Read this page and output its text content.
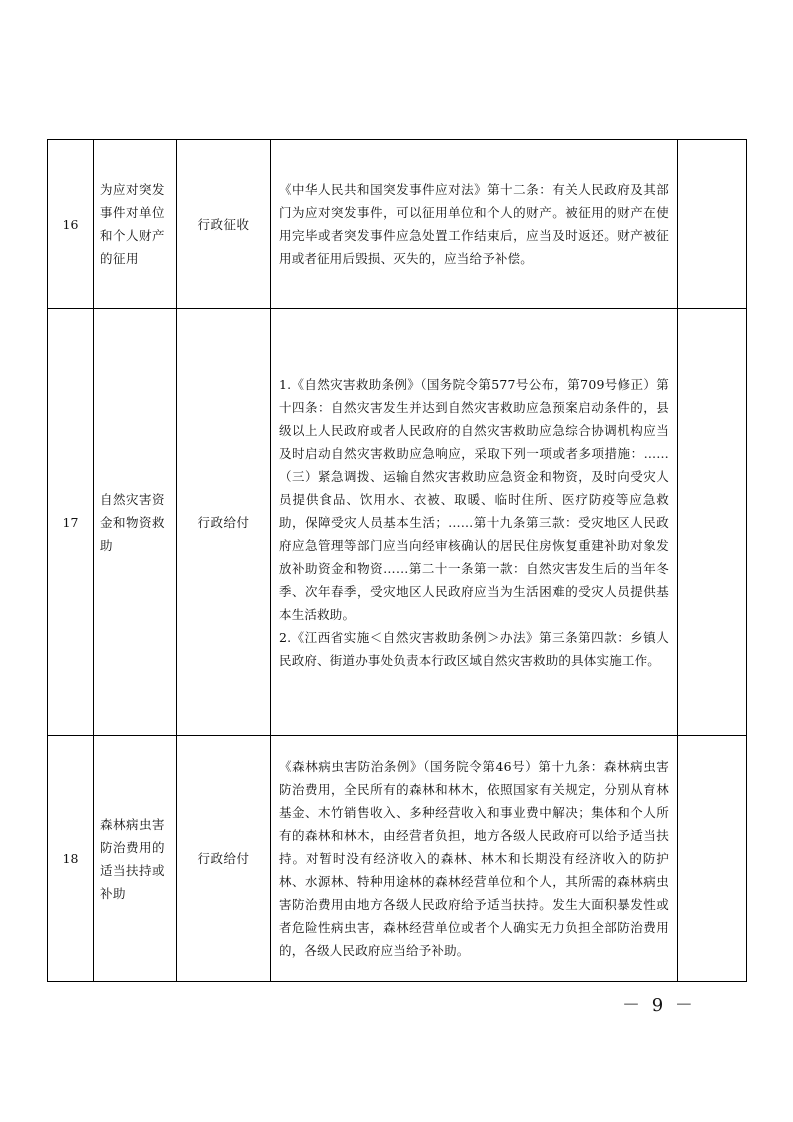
16	为应对突发事件对单位和个人财产的征用	行政征收	《中华人民共和国突发事件应对法》第十二条：有关人民政府及其部门为应对突发事件，可以征用单位和个人的财产。被征用的财产在使用完毕或者突发事件应急处置工作结束后，应当及时返还。财产被征用或者征用后毁损、灭失的，应当给予补偿。	

17	自然灾害资金和物资救助	行政给付	1.《自然灾害救助条例》（国务院令第577号公布，第709号修正）第十四条：自然灾害发生并达到自然灾害救助应急预案启动条件的，县级以上人民政府或者人民政府的自然灾害救助应急综合协调机构应当及时启动自然灾害救助应急响应，采取下列一项或者多项措施：……（三）紧急调拨、运输自然灾害救助应急资金和物资，及时向受灾人员提供食品、饮用水、衣被、取暖、临时住所、医疗防疫等应急救助，保障受灾人员基本生活；……第十九条第三款：受灾地区人民政府应急管理等部门应当向经审核确认的居民住房恢复重建补助对象发放补助资金和物资……第二十一条第一款：自然灾害发生后的当年冬季、次年春季，受灾地区人民政府应当为生活困难的受灾人员提供基本生活救助。

2.《江西省实施＜自然灾害救助条例＞办法》第三条第四款：乡镇人民政府、街道办事处负责本行政区域自然灾害救助的具体实施工作。	

18	森林病虫害防治费用的适当扶持或补助	行政给付	《森林病虫害防治条例》（国务院令第46号）第十九条：森林病虫害防治费用，全民所有的森林和林木，依照国家有关规定，分别从育林基金、木竹销售收入、多种经营收入和事业费中解决；集体和个人所有的森林和林木，由经营者负担，地方各级人民政府可以给予适当扶持。对暂时没有经济收入的森林、林木和长期没有经济收入的防护林、水源林、特种用途林的森林经营单位和个人，其所需的森林病虫害防治费用由地方各级人民政府给予适当扶持。发生大面积暴发性或者危险性病虫害，森林经营单位或者个人确实无力负担全部防治费用的，各级人民政府应当给予补助。	

－ 9 －
